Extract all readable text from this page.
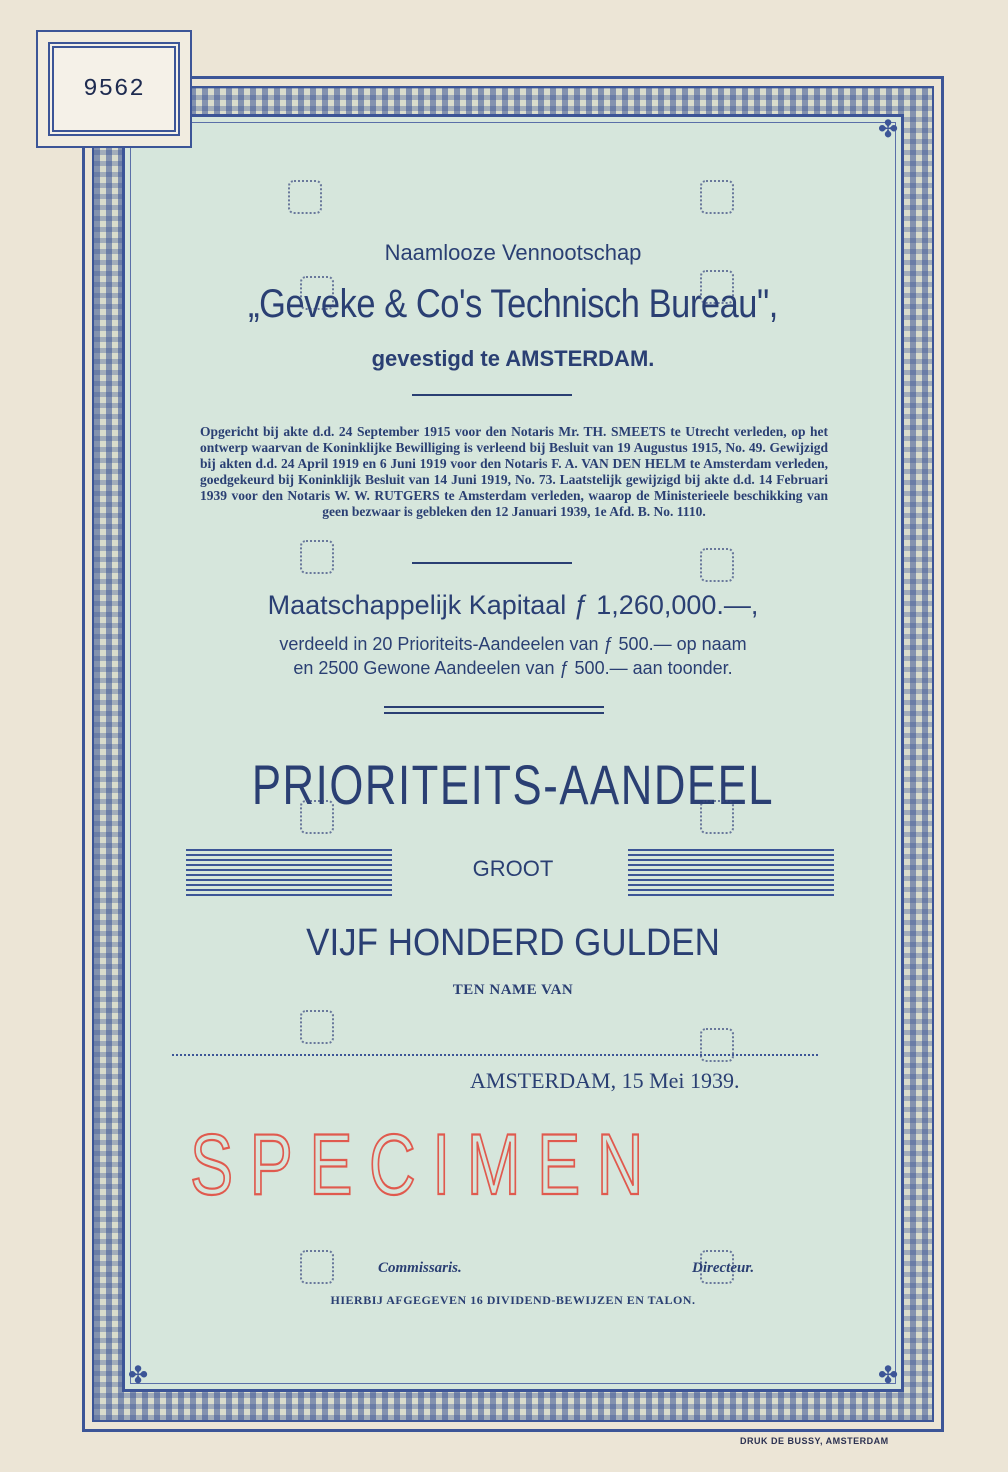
✤
✤	✤
9562
Naamlooze Vennootschap
„Geveke & Co's Technisch Bureau",
gevestigd te AMSTERDAM.
Opgericht bij akte d.d. 24 September 1915 voor den Notaris Mr. TH. SMEETS te Utrecht verleden, op het ontwerp waarvan de Koninklijke Bewilliging is verleend bij Besluit van 19 Augustus 1915, No. 49. Gewijzigd bij akten d.d. 24 April 1919 en 6 Juni 1919 voor den Notaris F. A. VAN DEN HELM te Amsterdam verleden, goedgekeurd bij Koninklijk Besluit van 14 Juni 1919, No. 73. Laatstelijk gewijzigd bij akte d.d. 14 Februari 1939 voor den Notaris W. W. RUTGERS te Amsterdam verleden, waarop de Ministerieele beschikking van geen bezwaar is gebleken den 12 Januari 1939, 1e Afd. B. No. 1110.
Maatschappelijk Kapitaal ƒ 1,260,000.—,
verdeeld in 20 Prioriteits-Aandeelen van ƒ 500.— op naam
en 2500 Gewone Aandeelen van ƒ 500.— aan toonder.
PRIORITEITS-AANDEEL
GROOT
VIJF HONDERD GULDEN
TEN NAME VAN
AMSTERDAM, 15 Mei 1939.
SPECIMEN
Commissaris.	Directeur.
HIERBIJ AFGEGEVEN 16 DIVIDEND-BEWIJZEN EN TALON.
DRUK DE BUSSY, AMSTERDAM
